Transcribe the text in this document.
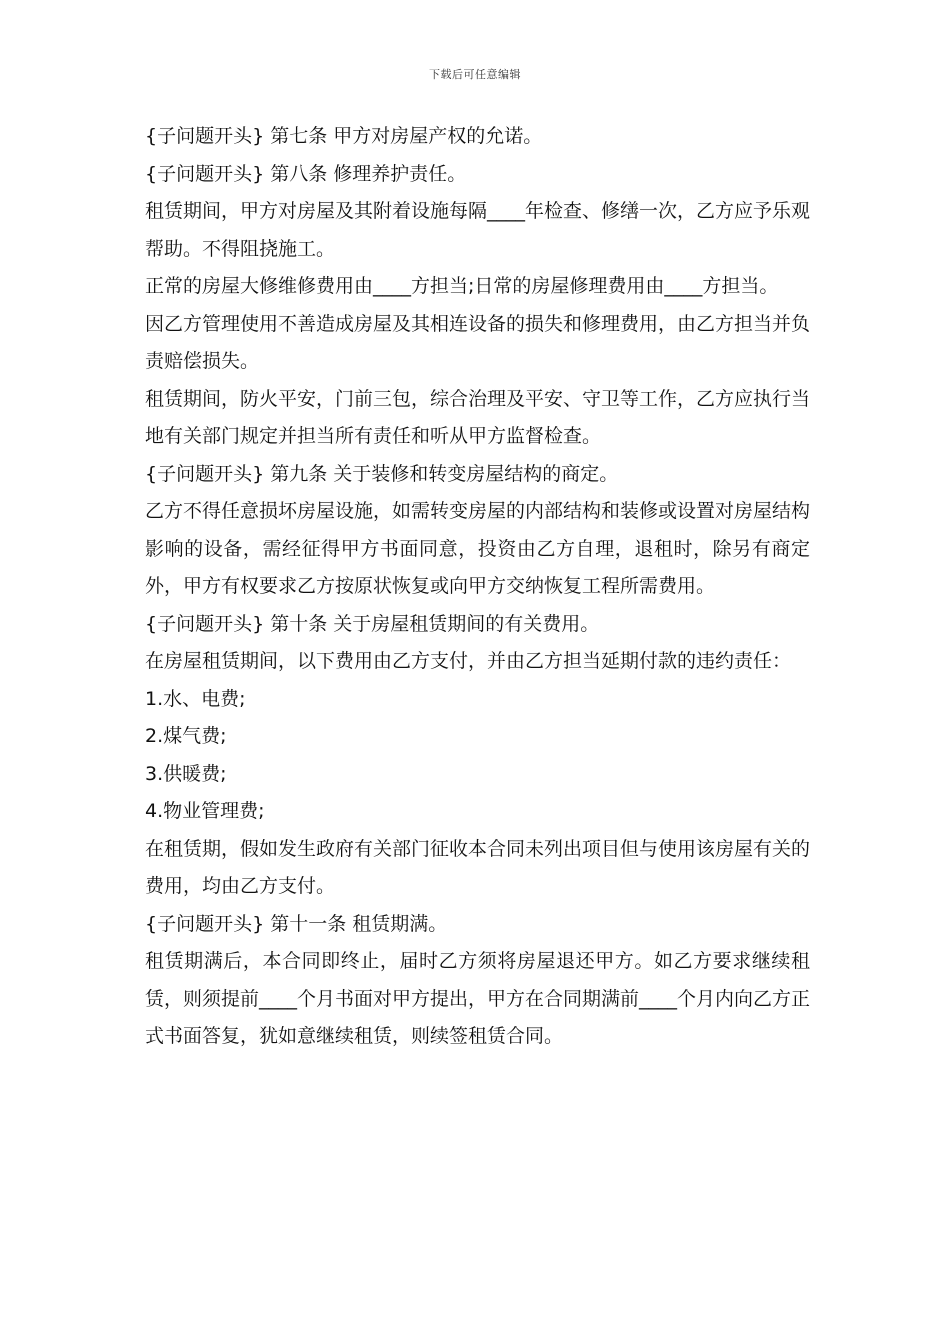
下载后可任意编辑

{子问题开头} 第七条 甲方对房屋产权的允诺。

{子问题开头} 第八条 修理养护责任。

租赁期间，甲方对房屋及其附着设施每隔____年检查、修缮一次，乙方应予乐观帮助。不得阻挠施工。

正常的房屋大修维修费用由____方担当;日常的房屋修理费用由____方担当。

因乙方管理使用不善造成房屋及其相连设备的损失和修理费用，由乙方担当并负责赔偿损失。

租赁期间，防火平安，门前三包，综合治理及平安、守卫等工作，乙方应执行当地有关部门规定并担当所有责任和听从甲方监督检查。

{子问题开头} 第九条 关于装修和转变房屋结构的商定。

乙方不得任意损坏房屋设施，如需转变房屋的内部结构和装修或设置对房屋结构影响的设备，需经征得甲方书面同意，投资由乙方自理，退租时，除另有商定外，甲方有权要求乙方按原状恢复或向甲方交纳恢复工程所需费用。

{子问题开头} 第十条 关于房屋租赁期间的有关费用。

在房屋租赁期间，以下费用由乙方支付，并由乙方担当延期付款的违约责任：

1.水、电费;

2.煤气费;

3.供暖费;

4.物业管理费;

在租赁期，假如发生政府有关部门征收本合同未列出项目但与使用该房屋有关的费用，均由乙方支付。

{子问题开头} 第十一条 租赁期满。

租赁期满后，本合同即终止，届时乙方须将房屋退还甲方。如乙方要求继续租赁，则须提前____个月书面对甲方提出，甲方在合同期满前____个月内向乙方正式书面答复，犹如意继续租赁，则续签租赁合同。
